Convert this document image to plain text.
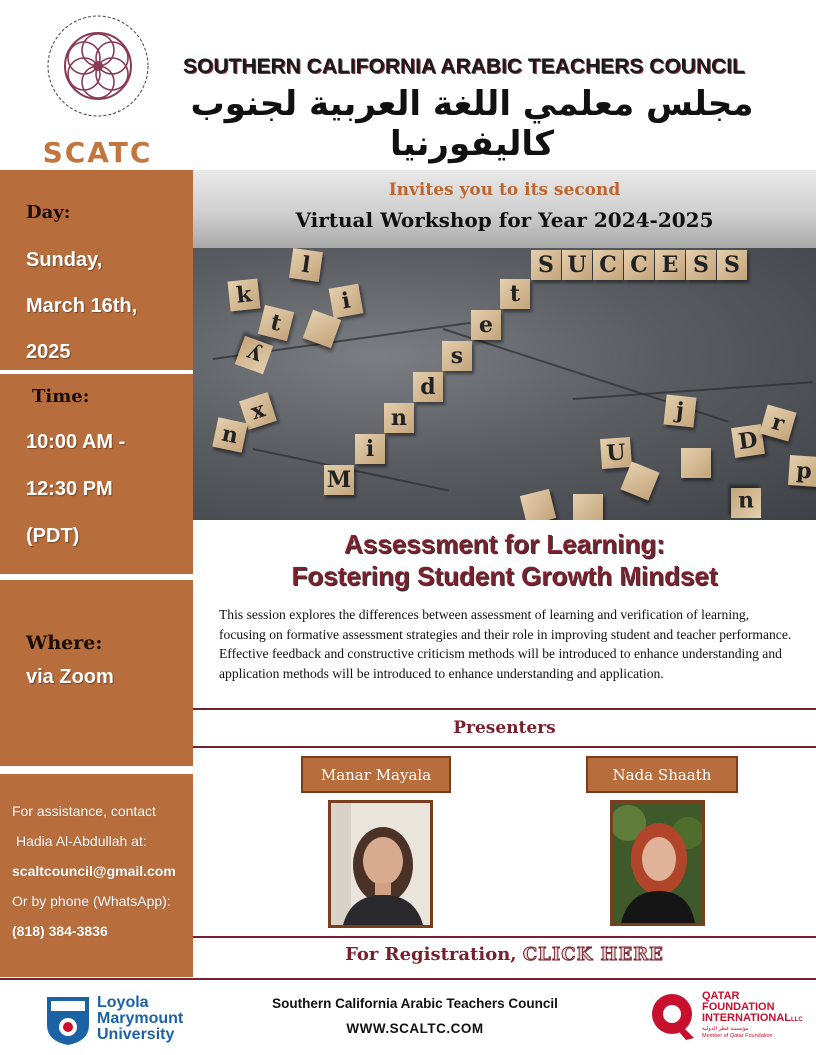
SCATC
SOUTHERN CALIFORNIA ARABIC TEACHERS COUNCIL
مجلس معلمي اللغة العربية لجنوب كاليفورنيا
Day:
Sunday,
March 16th,
2025
Time:
10:00 AM -
12:30 PM
(PDT)
Where:
via Zoom
For assistance, contact
Hadia Al-Abdullah at:
scaltcouncil@gmail.com
Or by phone (WhatsApp):
(818) 384-3836
Invites you to its second
Virtual Workshop for Year 2024-2025
S U C C E S S
t
e
s
d
n
i
M
k
l
i
t
y
x
n
j
U	D
r
u
p
Assessment for Learning:
Fostering Student Growth Mindset
This session explores the differences between assessment of learning and verification of learning, focusing on formative assessment strategies and their role in improving student and teacher performance. Effective feedback and constructive criticism methods will be introduced to enhance understanding and application methods will be introduced to enhance understanding and application.
Presenters
Manar Mayala	Nada Shaath
For Registration, CLICK HERE
Loyola
Marymount
University
Southern California Arabic Teachers Council
WWW.SCALTC.COM
QATAR
FOUNDATION
INTERNATIONALLLC
مؤسسة قطر الدولية
Member of Qatar Foundation
